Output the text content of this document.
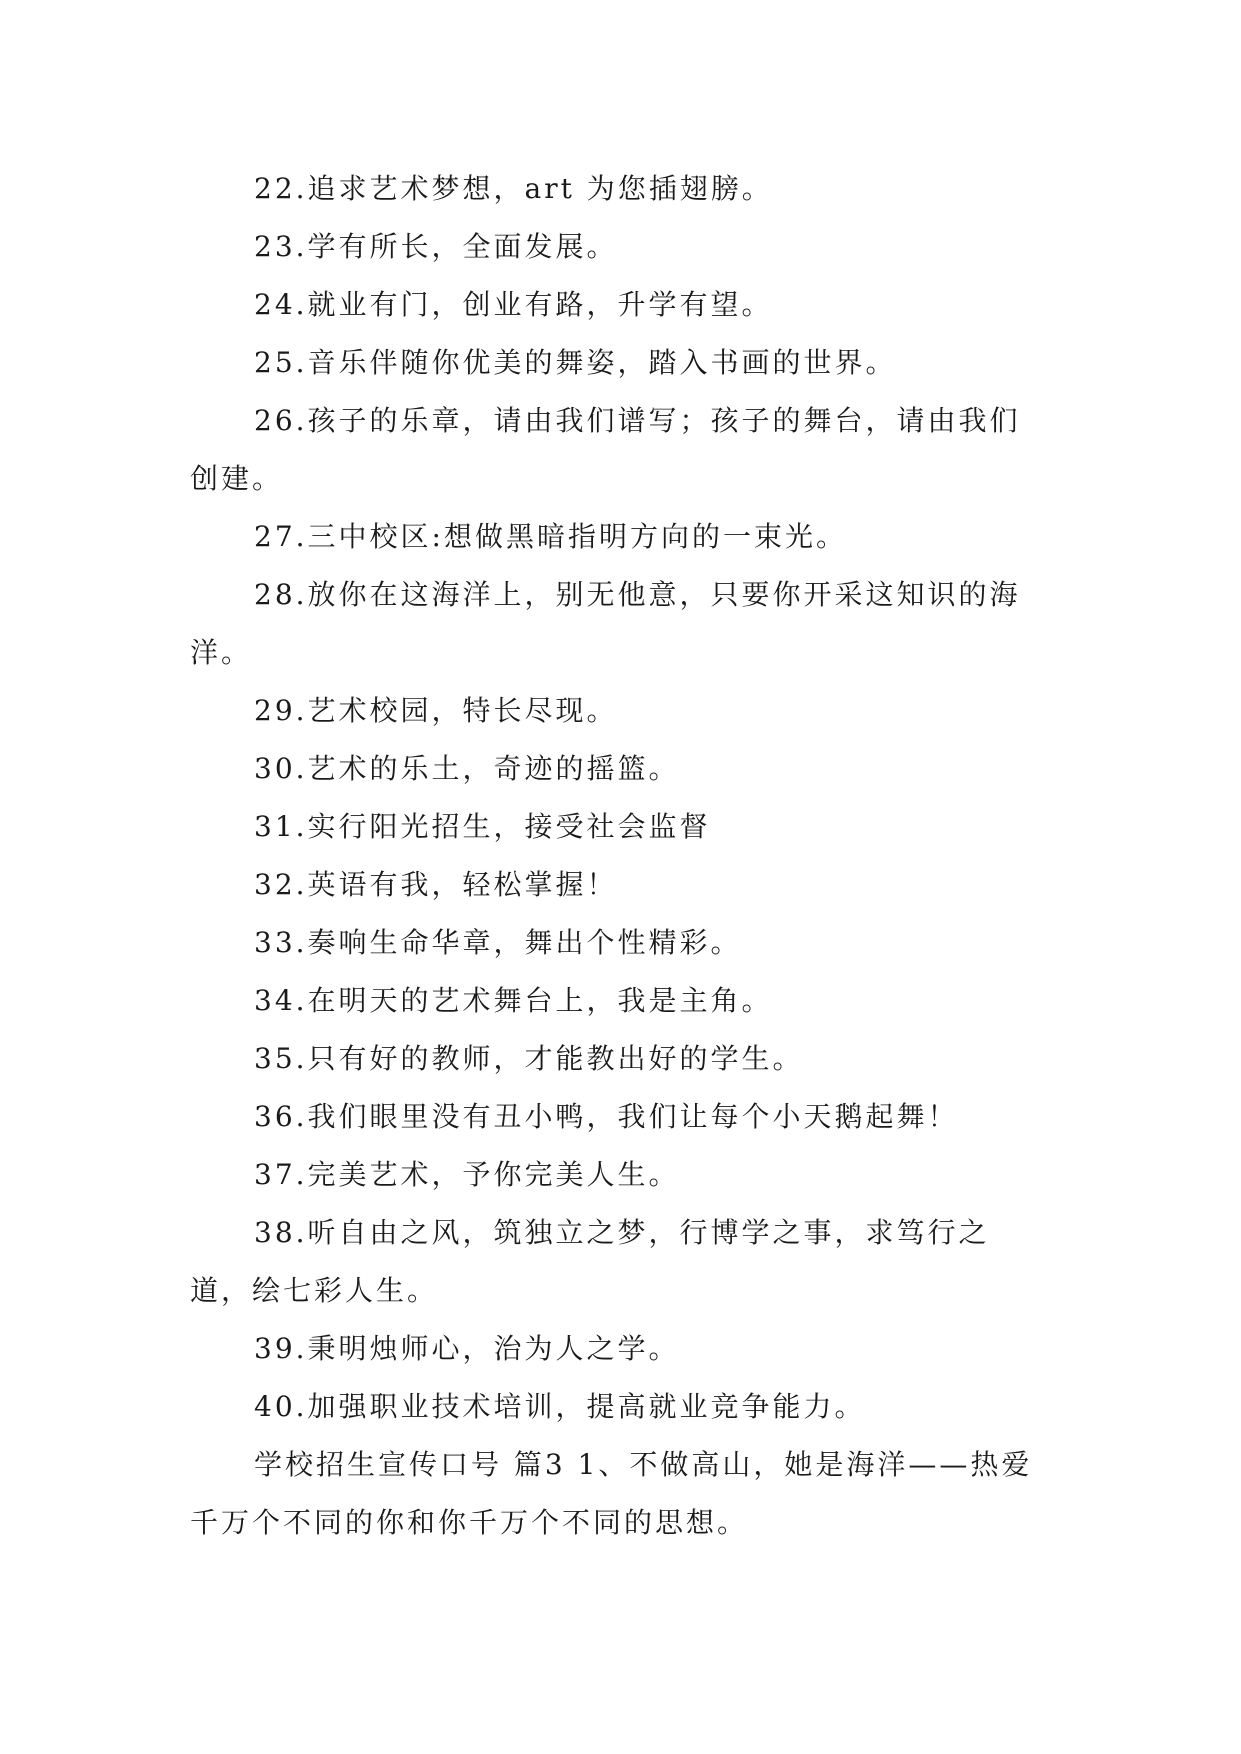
22.追求艺术梦想，art 为您插翅膀。

23.学有所长，全面发展。

24.就业有门，创业有路，升学有望。

25.音乐伴随你优美的舞姿，踏入书画的世界。

26.孩子的乐章，请由我们谱写；孩子的舞台，请由我们创建。

27.三中校区:想做黑暗指明方向的一束光。

28.放你在这海洋上，别无他意，只要你开采这知识的海洋。

29.艺术校园，特长尽现。

30.艺术的乐土，奇迹的摇篮。

31.实行阳光招生，接受社会监督

32.英语有我，轻松掌握！

33.奏响生命华章，舞出个性精彩。

34.在明天的艺术舞台上，我是主角。

35.只有好的教师，才能教出好的学生。

36.我们眼里没有丑小鸭，我们让每个小天鹅起舞！

37.完美艺术，予你完美人生。

38.听自由之风，筑独立之梦，行博学之事，求笃行之道，绘七彩人生。

39.秉明烛师心，治为人之学。

40.加强职业技术培训，提高就业竞争能力。

学校招生宣传口号 篇3 1、不做高山，她是海洋——热爱千万个不同的你和你千万个不同的思想。
